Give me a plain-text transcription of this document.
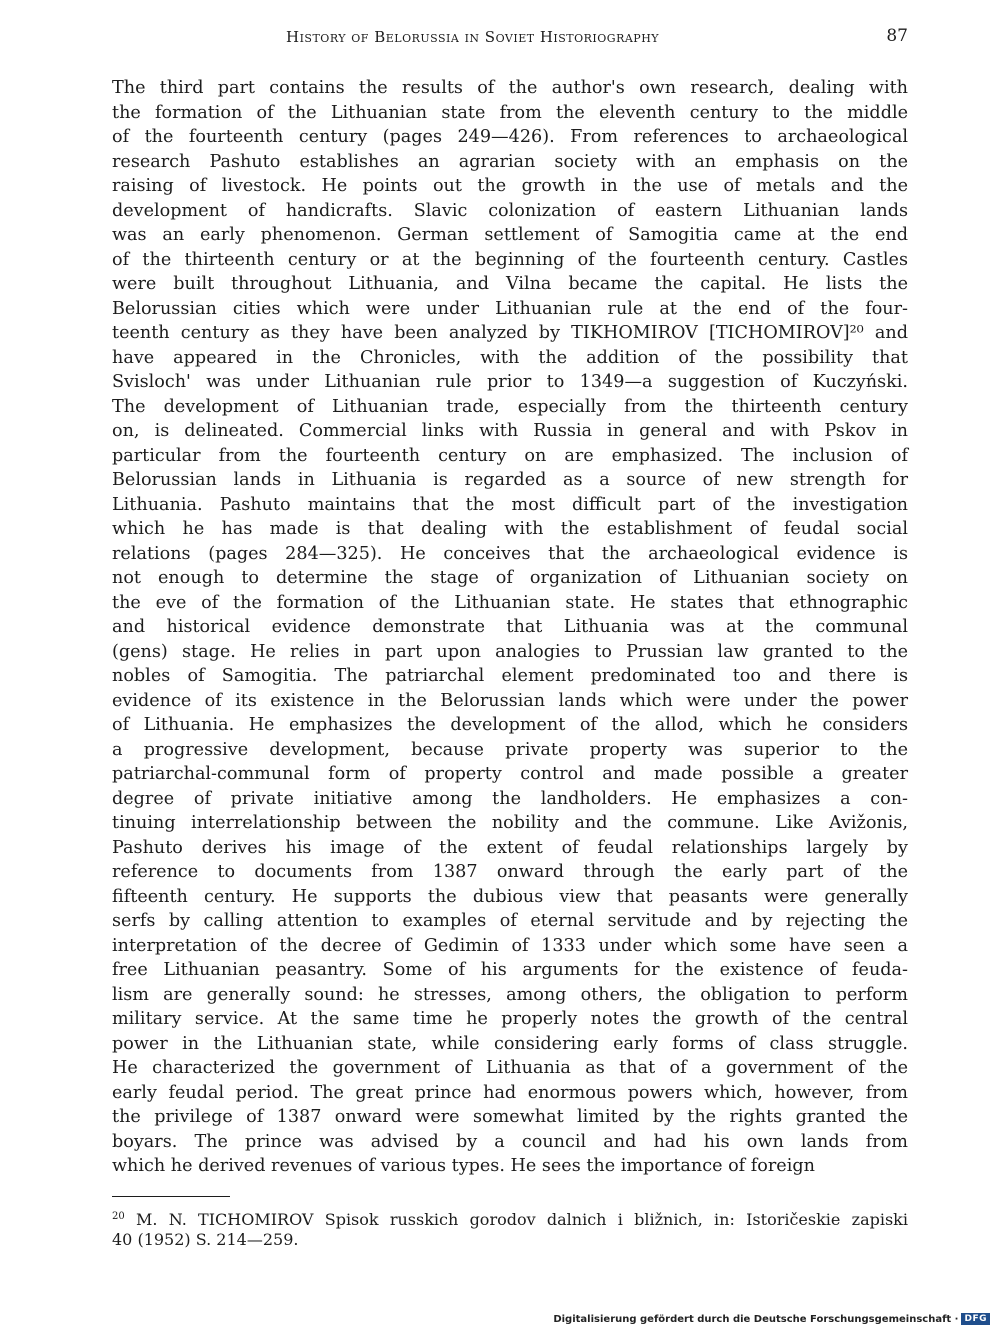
History of Belorussia in Soviet Historiography	87
The third part contains the results of the author's own research, dealing with
the formation of the Lithuanian state from the eleventh century to the middle
of the fourteenth century (pages 249—426). From references to archaeological
research Pashuto establishes an agrarian society with an emphasis on the
raising of livestock. He points out the growth in the use of metals and the
development of handicrafts. Slavic colonization of eastern Lithuanian lands
was an early phenomenon. German settlement of Samogitia came at the end
of the thirteenth century or at the beginning of the fourteenth century. Castles
were built throughout Lithuania, and Vilna became the capital. He lists the
Belorussian cities which were under Lithuanian rule at the end of the four-
teenth century as they have been analyzed by TIKHOMIROV [TICHOMIROV]²⁰ and
have appeared in the Chronicles, with the addition of the possibility that
Svisloch' was under Lithuanian rule prior to 1349—a suggestion of Kuczyński.
The development of Lithuanian trade, especially from the thirteenth century
on, is delineated. Commercial links with Russia in general and with Pskov in
particular from the fourteenth century on are emphasized. The inclusion of
Belorussian lands in Lithuania is regarded as a source of new strength for
Lithuania. Pashuto maintains that the most difficult part of the investigation
which he has made is that dealing with the establishment of feudal social
relations (pages 284—325). He conceives that the archaeological evidence is
not enough to determine the stage of organization of Lithuanian society on
the eve of the formation of the Lithuanian state. He states that ethnographic
and historical evidence demonstrate that Lithuania was at the communal
(gens) stage. He relies in part upon analogies to Prussian law granted to the
nobles of Samogitia. The patriarchal element predominated too and there is
evidence of its existence in the Belorussian lands which were under the power
of Lithuania. He emphasizes the development of the allod, which he considers
a progressive development, because private property was superior to the
patriarchal-communal form of property control and made possible a greater
degree of private initiative among the landholders. He emphasizes a con-
tinuing interrelationship between the nobility and the commune. Like Avižonis,
Pashuto derives his image of the extent of feudal relationships largely by
reference to documents from 1387 onward through the early part of the
fifteenth century. He supports the dubious view that peasants were generally
serfs by calling attention to examples of eternal servitude and by rejecting the
interpretation of the decree of Gedimin of 1333 under which some have seen a
free Lithuanian peasantry. Some of his arguments for the existence of feuda-
lism are generally sound: he stresses, among others, the obligation to perform
military service. At the same time he properly notes the growth of the central
power in the Lithuanian state, while considering early forms of class struggle.
He characterized the government of Lithuania as that of a government of the
early feudal period. The great prince had enormous powers which, however, from
the privilege of 1387 onward were somewhat limited by the rights granted the
boyars. The prince was advised by a council and had his own lands from
which he derived revenues of various types. He sees the importance of foreign
$^{20}$ M. N. TICHOMIROV Spisok russkich gorodov dalnich i bližnich, in: Istoričeskie zapiski
40 (1952) S. 214—259.
Digitalisierung gefördert durch die Deutsche Forschungsgemeinschaft · DFG
